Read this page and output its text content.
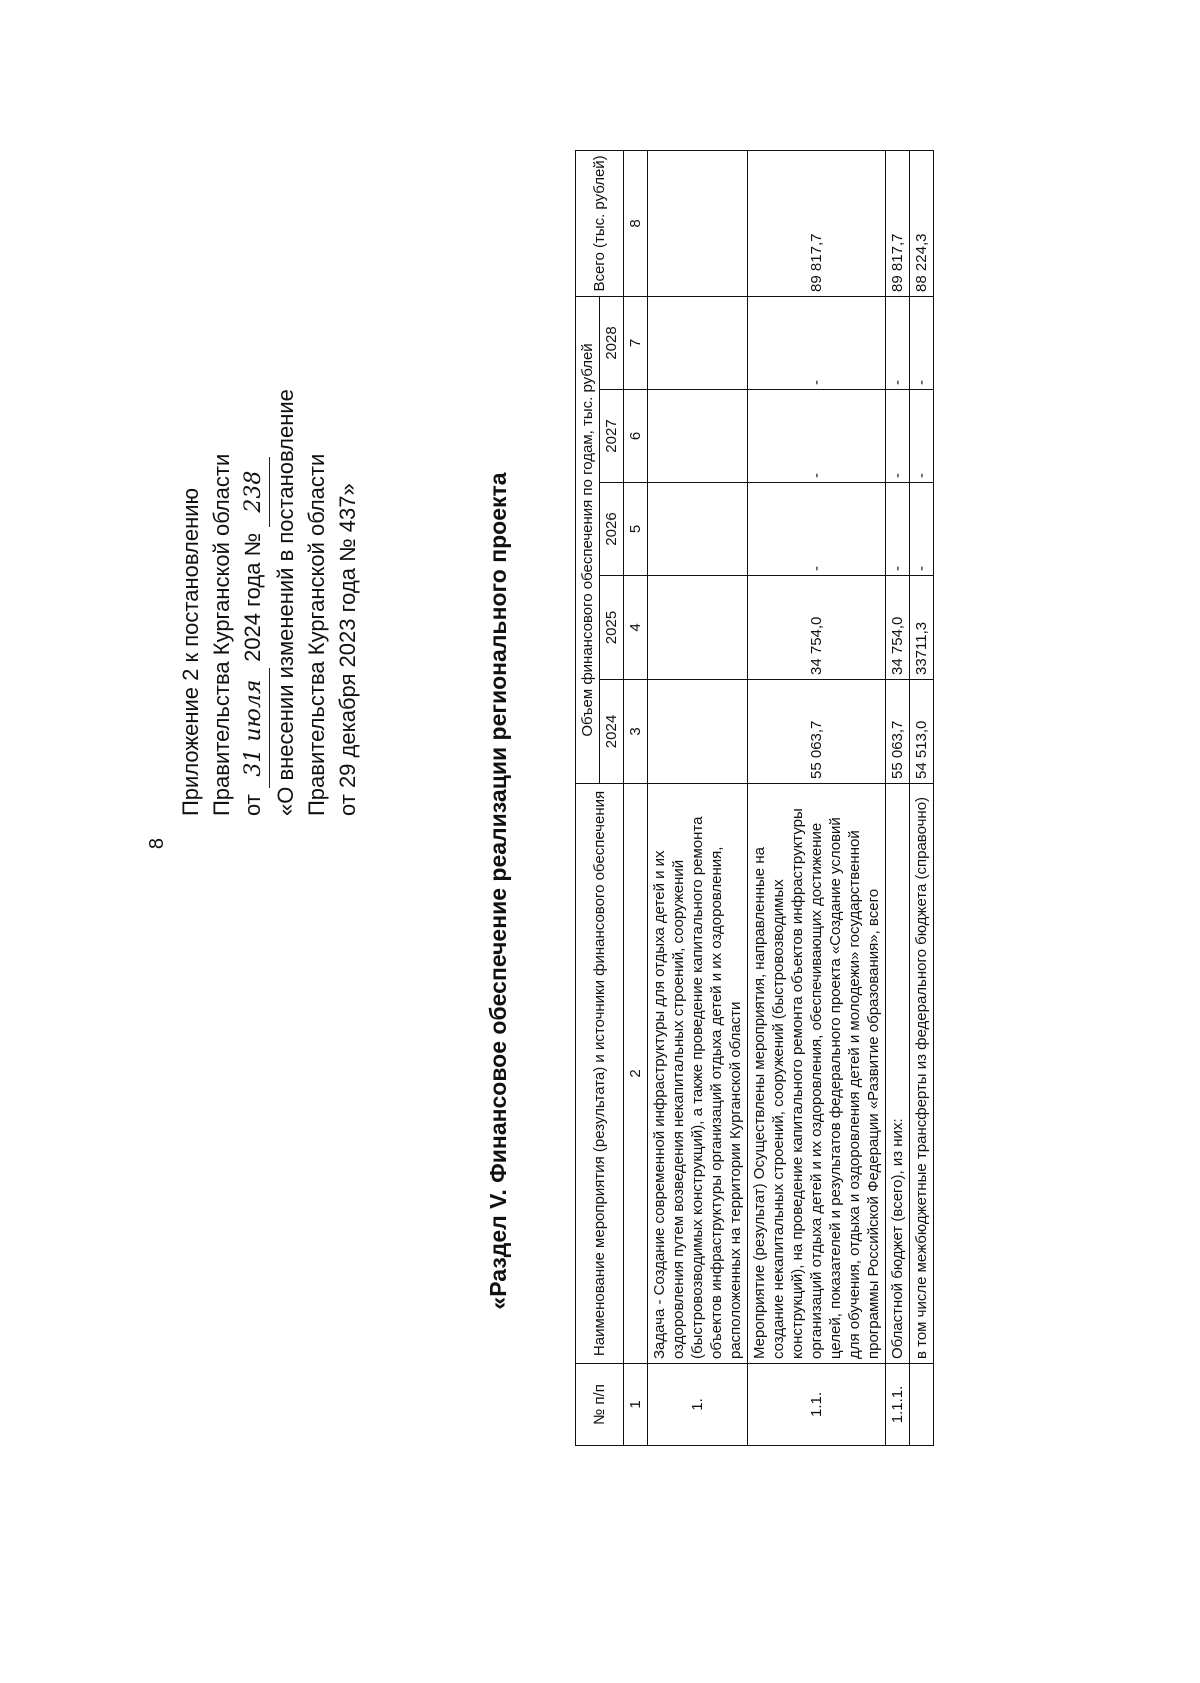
8
Приложение 2 к постановлению Правительства Курганской области от 31 июля 2024 года № 238 «О внесении изменений в постановление Правительства Курганской области от 29 декабря 2023 года № 437»	«Раздел V. Финансовое обеспечение реализации регионального проекта
№ п/п	Наименование мероприятия (результата) и источники финансового обеспечения	Объем финансового обеспечения по годам, тыс. рублей					Всего (тыс. рублей)
		2024	2025	2026	2027	2028	
1	2	3	4	5	6	7	8
1.	Задача - Создание современной инфраструктуры для отдыха детей и их оздоровления путем возведения некапитальных строений, сооружений (быстровозводимых конструкций), а также проведение капитального ремонта объектов инфраструктуры организаций отдыха детей и их оздоровления, расположенных на территории Курганской области						
1.1.	Мероприятие (результат) Осуществлены мероприятия, направленные на создание некапитальных строений, сооружений (быстровозводимых конструкций), на проведение капитального ремонта объектов инфраструктуры организаций отдыха детей и их оздоровления, обеспечивающих достижение целей, показателей и результатов федерального проекта «Создание условий для обучения, отдыха и оздоровления детей и молодежи» государственной программы Российской Федерации «Развитие образования», всего	55 063,7	34 754,0	-	-	-	89 817,7
1.1.1.	Областной бюджет (всего), из них:	55 063,7	34 754,0	-	-	-	89 817,7
	в том числе межбюджетные трансферты из федерального бюджета (справочно)	54 513,0	33711,3	-	-	-	88 224,3
